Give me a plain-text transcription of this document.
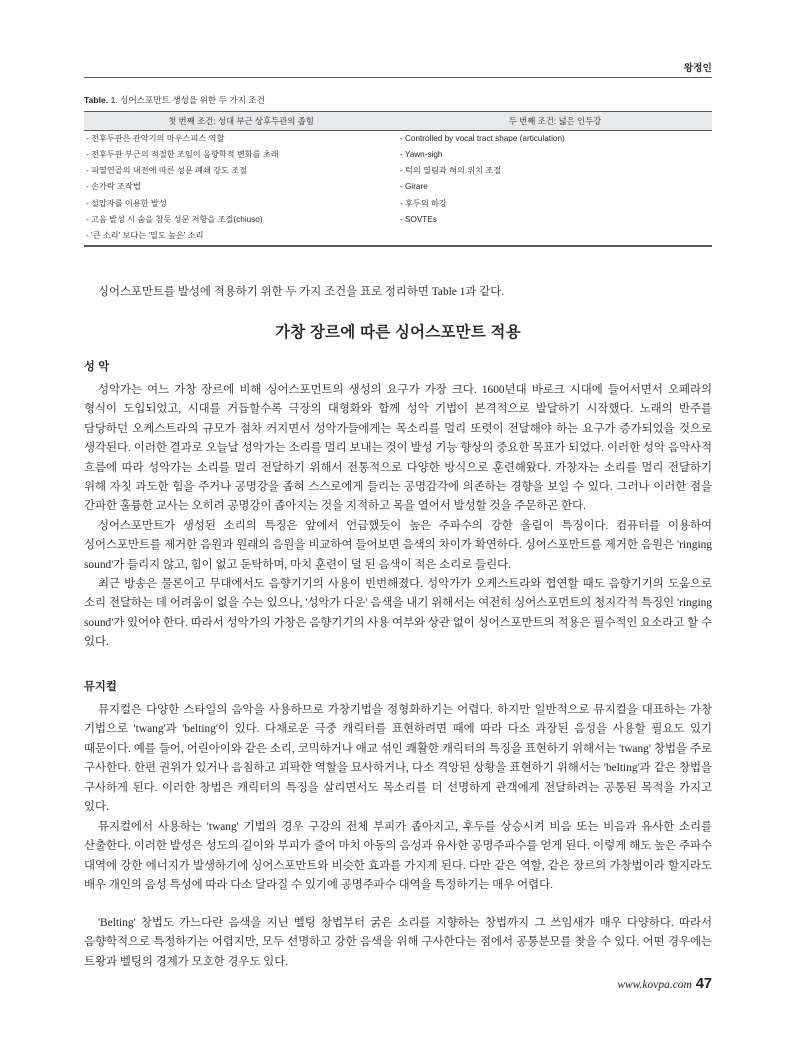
왕정인
Table. 1. 싱어스포만트 생성을 위한 두 가지 조건
첫 번째 조건: 성대 부근 상후두관의 좁힘	두 번째 조건: 넓은 인두강
- 전후두관은 관악기의 마우스피스 역할	- Controlled by vocal tract shape (articulation)
- 전후두관 부근의 적절한 조임이 음향학적 변화를 초래	- Yawn-sigh
- 피열연골의 내전에 따른 성문 폐쇄 강도 조절	- 턱의 열림과 혀의 위치 조절
- 손가락 조작법	- Girare
- 설압자를 이용한 발성	- 후두의 하강
- 고음 발성 시 숨을 참듯 성문 저항을 조절(chiuso)	- SOVTEs
- '큰 소리' 보다는 '밀도 높은' 소리	

싱어스포만트를 발성에 적용하기 위한 두 가지 조건을 표로 정리하면 Table 1과 같다.

가창 장르에 따른 싱어스포만트 적용
성 악

성악가는 여느 가창 장르에 비해 싱어스포먼트의 생성의 요구가 가장 크다. 1600년대 바로크 시대에 들어서면서 오페라의 형식이 도입되었고, 시대를 거듭할수록 극장의 대형화와 함께 성악 기법이 본격적으로 발달하기 시작했다. 노래의 반주를 담당하던 오케스트라의 규모가 점차 커지면서 성악가들에게는 목소리를 멀리 또렷이 전달해야 하는 요구가 증가되었을 것으로 생각된다. 이러한 결과로 오늘날 성악가는 소리를 멀리 보내는 것이 발성 기능 향상의 중요한 목표가 되었다. 이러한 성악 음악사적 흐름에 따라 성악가는 소리를 멀리 전달하기 위해서 전통적으로 다양한 방식으로 훈련해왔다. 가창자는 소리를 멀리 전달하기 위해 자칫 과도한 힘을 주거나 공명강을 좁혀 스스로에게 들리는 공명감각에 의존하는 경향을 보일 수 있다. 그러나 이러한 점을 간파한 훌륭한 교사는 오히려 공명강이 좁아지는 것을 지적하고 목을 열어서 발성할 것을 주문하곤 한다.

싱어스포만트가 생성된 소리의 특징은 앞에서 언급했듯이 높은 주파수의 강한 울림이 특징이다. 컴퓨터를 이용하여 싱어스포만트를 제거한 음원과 원래의 음원을 비교하여 들어보면 음색의 차이가 확연하다. 싱어스포만트를 제거한 음원은 'ringing sound'가 들리지 않고, 힘이 없고 둔탁하며, 마치 훈련이 덜 된 음색이 적은 소리로 들린다.

최근 방송은 물론이고 무대에서도 음향기기의 사용이 빈번해졌다. 성악가가 오케스트라와 협연할 때도 음향기기의 도움으로 소리 전달하는 데 어려움이 없을 수는 있으나, '성악가 다운' 음색을 내기 위해서는 여전히 싱어스포먼트의 청지각적 특징인 'ringing sound'가 있어야 한다. 따라서 성악가의 가창은 음향기기의 사용 여부와 상관 없이 싱어스포만트의 적용은 필수적인 요소라고 할 수 있다.

뮤지컬

뮤지컬은 다양한 스타일의 음악을 사용하므로 가창기법을 정형화하기는 어렵다. 하지만 일반적으로 뮤지컬을 대표하는 가창 기법으로 'twang'과 'belting'이 있다. 다채로운 극중 캐릭터를 표현하려면 때에 따라 다소 과장된 음성을 사용할 필요도 있기 때문이다. 예를 들어, 어린아이와 같은 소리, 코믹하거나 애교 섞인 쾌활한 캐릭터의 특징을 표현하기 위해서는 'twang' 창법을 주로 구사한다. 한편 권위가 있거나 음침하고 괴팍한 역할을 묘사하거나, 다소 격앙된 상황을 표현하기 위해서는 'belting'과 같은 창법을 구사하게 된다. 이러한 창법은 캐릭터의 특징을 살리면서도 목소리를 더 선명하게 관객에게 전달하려는 공통된 목적을 가지고 있다.

뮤지컬에서 사용하는 'twang' 기법의 경우 구강의 전체 부피가 좁아지고, 후두를 상승시켜 비음 또는 비음과 유사한 소리를 산출한다. 이러한 발성은 성도의 길이와 부피가 줄어 마치 아동의 음성과 유사한 공명주파수를 얻게 된다. 이렇게 해도 높은 주파수 대역에 강한 에너지가 발생하기에 싱어스포만트와 비슷한 효과를 가지게 된다. 다만 같은 역할, 같은 장르의 가창법이라 할지라도 배우 개인의 음성 특성에 따라 다소 달라질 수 있기에 공명주파수 대역을 특정하기는 매우 어렵다.

'Belting' 창법도 가느다란 음색을 지닌 벨팅 창법부터 굵은 소리를 지향하는 창법까지 그 쓰임새가 매우 다양하다. 따라서 음향학적으로 특정하기는 어렵지만, 모두 선명하고 강한 음색을 위해 구사한다는 점에서 공통분모를 찾을 수 있다. 어떤 경우에는 트왕과 벨팅의 경계가 모호한 경우도 있다.

www.kovpa.com 47
